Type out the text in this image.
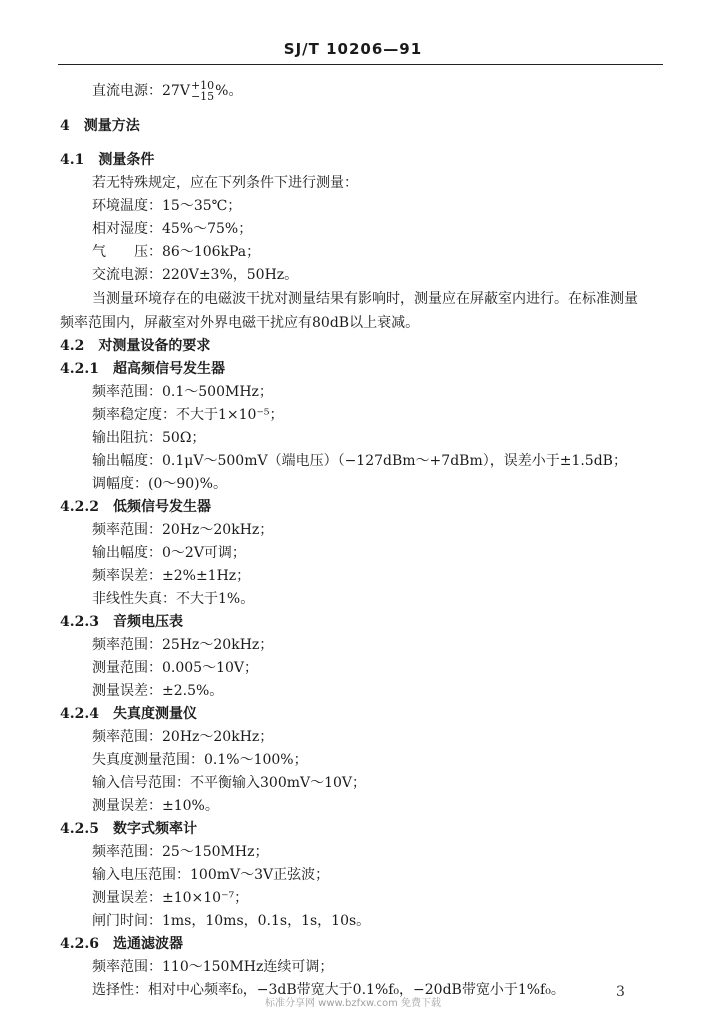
SJ/T 10206—91
直流电源：27V +10
−15 %。
4　测量方法
4.1　测量条件
若无特殊规定，应在下列条件下进行测量：
环境温度：15～35℃；
相对湿度：45%～75%；
气　　压：86～106kPa；
交流电源：220V±3%，50Hz。
当测量环境存在的电磁波干扰对测量结果有影响时，测量应在屏蔽室内进行。在标准测量
频率范围内，屏蔽室对外界电磁干扰应有80dB以上衰减。
4.2　对测量设备的要求
4.2.1　超高频信号发生器
频率范围：0.1～500MHz；
频率稳定度：不大于1×10⁻⁵；
输出阻抗：50Ω；
输出幅度：0.1μV～500mV（端电压）（−127dBm～+7dBm），误差小于±1.5dB；
调幅度：(0～90)%。
4.2.2　低频信号发生器
频率范围：20Hz～20kHz；
输出幅度：0～2V可调；
频率误差：±2%±1Hz；
非线性失真：不大于1%。
4.2.3　音频电压表
频率范围：25Hz～20kHz；
测量范围：0.005～10V；
测量误差：±2.5%。
4.2.4　失真度测量仪
频率范围：20Hz～20kHz；
失真度测量范围：0.1%～100%；
输入信号范围：不平衡输入300mV～10V；
测量误差：±10%。
4.2.5　数字式频率计
频率范围：25～150MHz；
输入电压范围：100mV～3V正弦波；
测量误差：±10×10⁻⁷；
闸门时间：1ms，10ms，0.1s，1s，10s。
4.2.6　选通滤波器
频率范围：110～150MHz连续可调；
选择性：相对中心频率f₀，−3dB带宽大于0.1%f₀，−20dB带宽小于1%f₀。	3
标准分享网 www.bzfxw.com 免费下载
